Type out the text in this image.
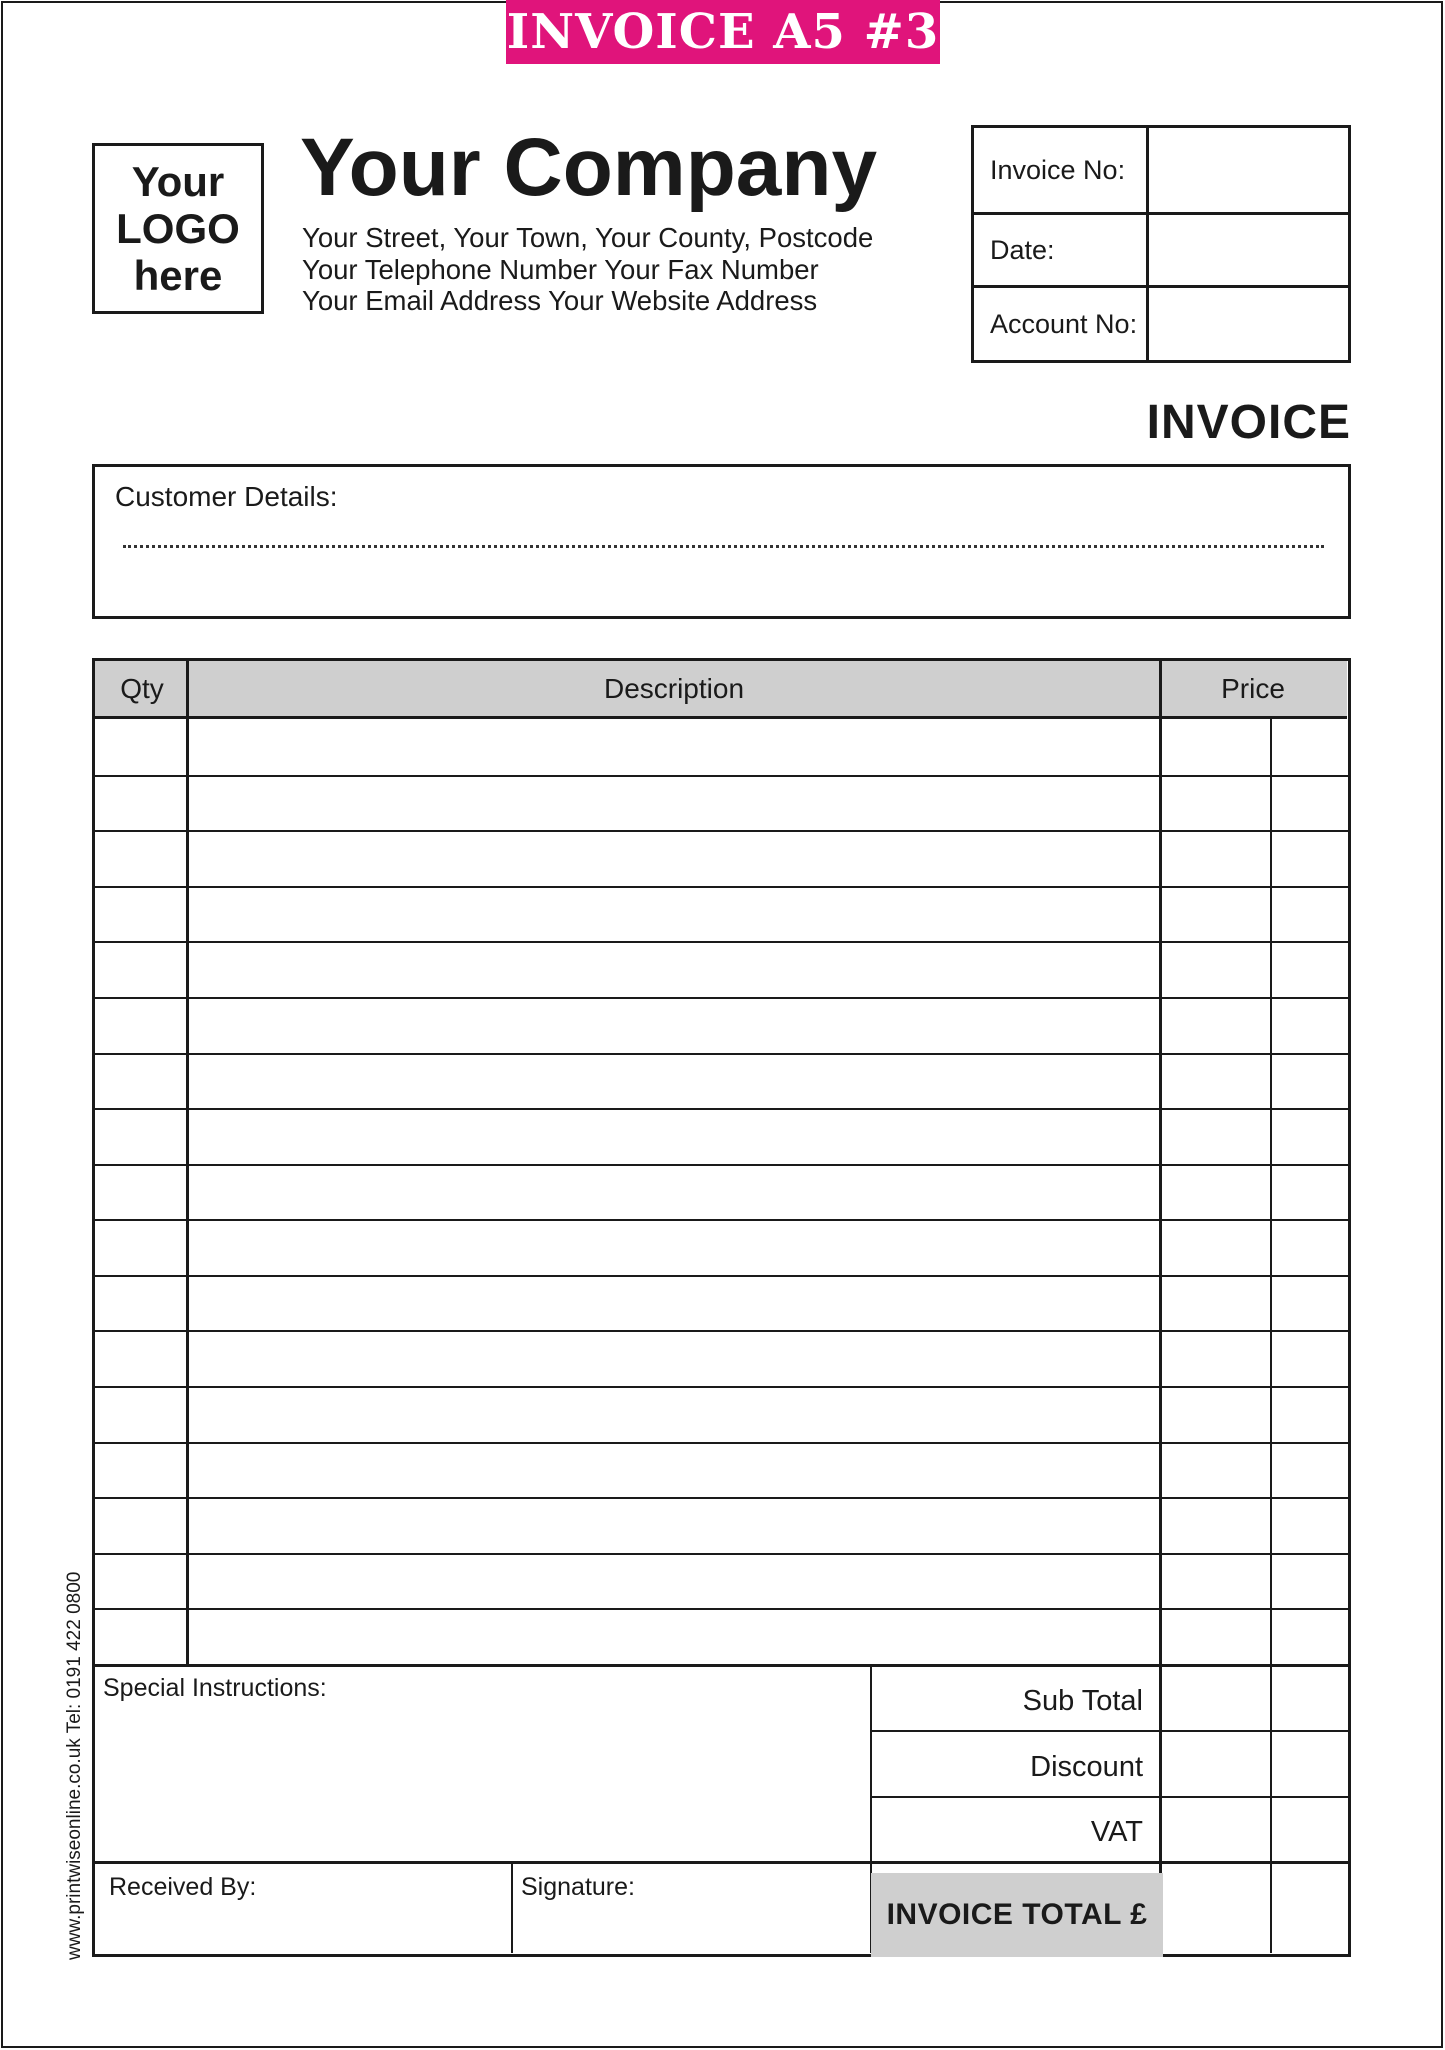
INVOICE A5 #3
Your
LOGO
here
Your Company
Your Street, Your Town, Your County, Postcode
Your Telephone Number Your Fax Number
Your Email Address Your Website Address
Invoice No:
Date:
Account No:
INVOICE
Customer Details:
Qty	Description	Price
Special Instructions:	Sub Total
Discount
VAT
INVOICE TOTAL £
Received By:	Signature:
www.printwiseonline.co.uk Tel: 0191 422 0800
